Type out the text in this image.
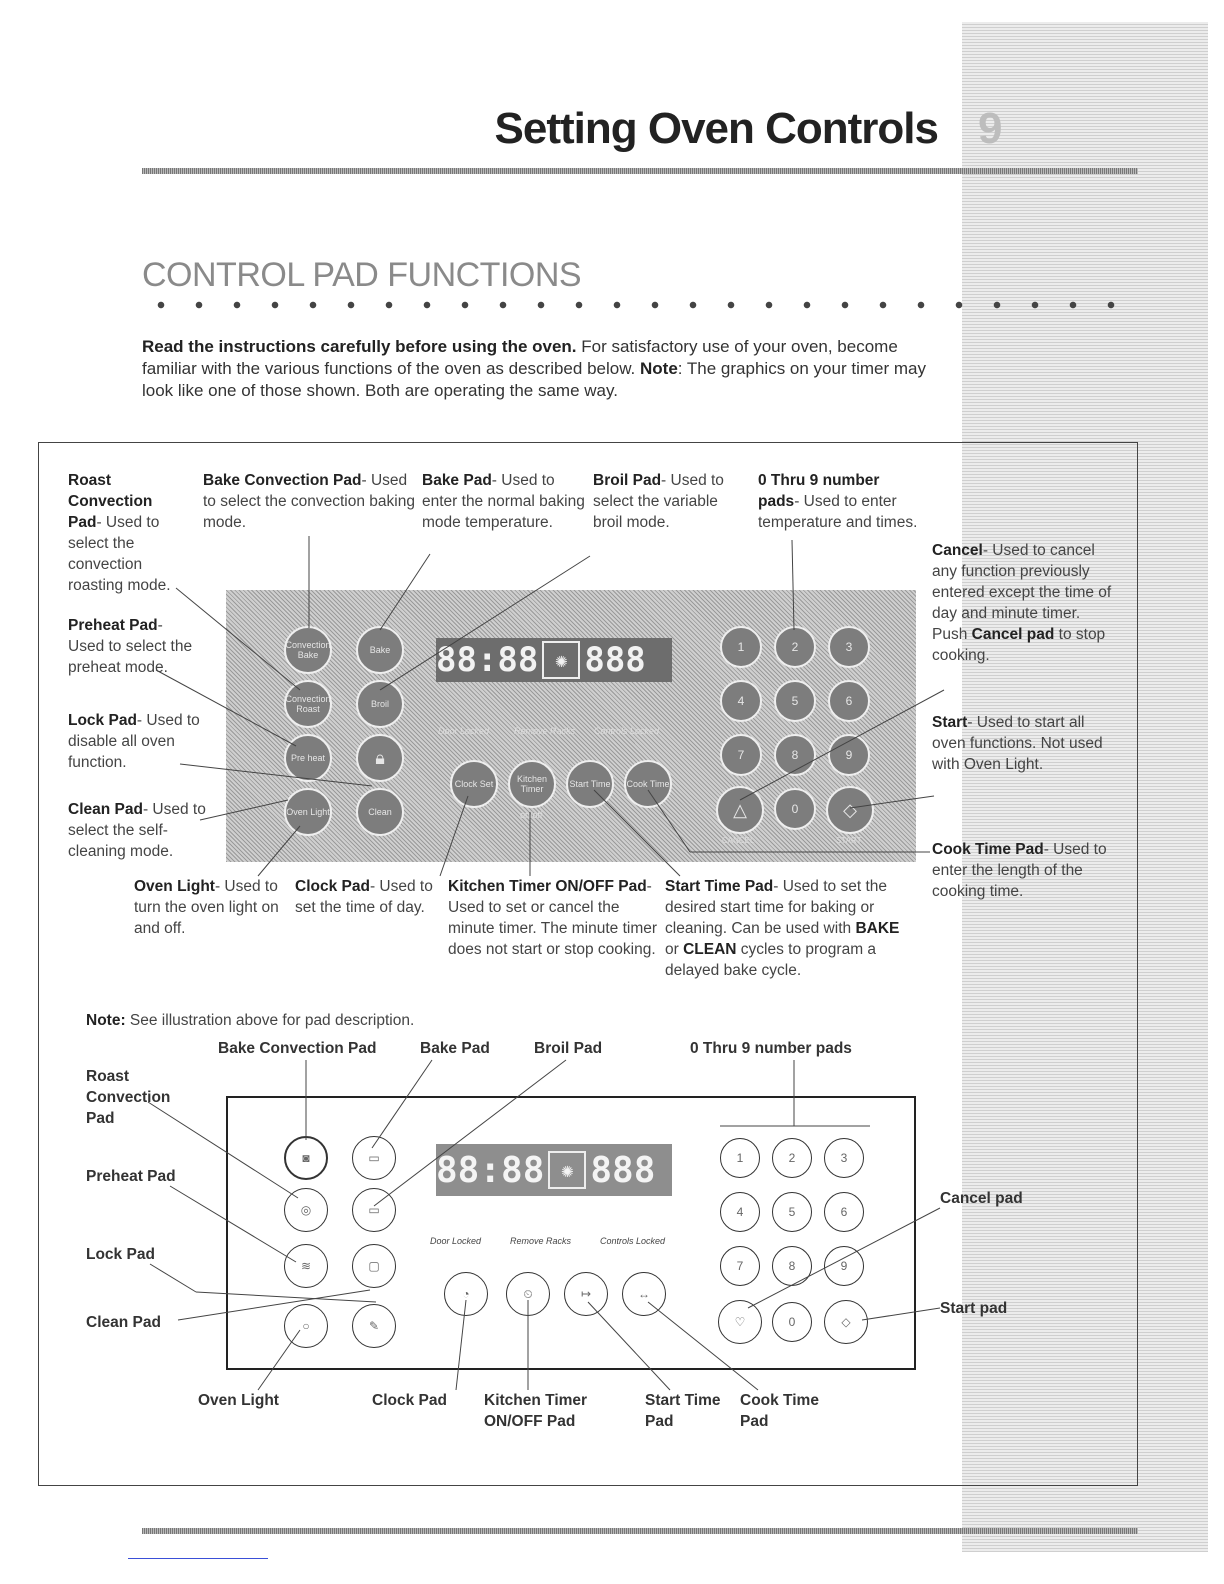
Setting Oven Controls 9
CONTROL PAD FUNCTIONS
Read the instructions carefully before using the oven. For satisfactory use of your oven, become familiar with the various functions of the oven as described below. Note: The graphics on your timer may look like one of those shown. Both are operating the same way.
Roast Convection Pad- Used to select the convection roasting mode.
Bake Convection Pad- Used to select the convection baking mode.
Bake Pad- Used to enter the normal baking mode temperature.
Broil Pad- Used to select the variable broil mode.
0 Thru 9 number pads- Used to enter temperature and times.
Cancel- Used to cancel any function previously entered except the time of day and minute timer. Push Cancel pad to stop cooking.
Preheat Pad- Used to select the preheat mode.
Lock Pad- Used to disable all oven function.
Start- Used to start all oven functions. Not used with Oven Light.
Clean Pad- Used to select the self-cleaning mode.	Cook Time Pad- Used to enter the length of the cooking time.
Oven Light- Used to turn the oven light on and off.
Clock Pad- Used to set the time of day.
Kitchen Timer ON/OFF Pad- Used to set or cancel the minute timer. The minute timer does not start or stop cooking.
Start Time Pad- Used to set the desired start time for baking or cleaning. Can be used with BAKE or CLEAN cycles to program a delayed bake cycle.
Convection Bake	Bake
Convection Roast	Broil
Pre heat	🔒︎
Oven Light	Clean
88:88 ✺ 888
Door Locked	Remove Racks Controls Locked
Clock Set	Kitchen Timer
on/off
Start Time	Cook Time
1	2	3
4	5	6
7	8	9
△	0	◇
CANCEL	START
Note: See illustration above for pad description.
Bake Convection Pad	Bake Pad	Broil Pad	0 Thru 9 number pads
Roast Convection Pad
Preheat Pad
Cancel pad
Lock Pad
Start pad
Clean Pad
Oven Light	Clock Pad Kitchen Timer ON/OFF Pad
Start Time Pad
Cook Time Pad
◙	▭
◎	▭
≋	▢
○	✎
88:88 ✺ 888
Door Locked	Remove Racks	Controls Locked
◔	⏲︎	↦	↔
1	2	3
4	5	6
7	8	9
♡	0	◇
